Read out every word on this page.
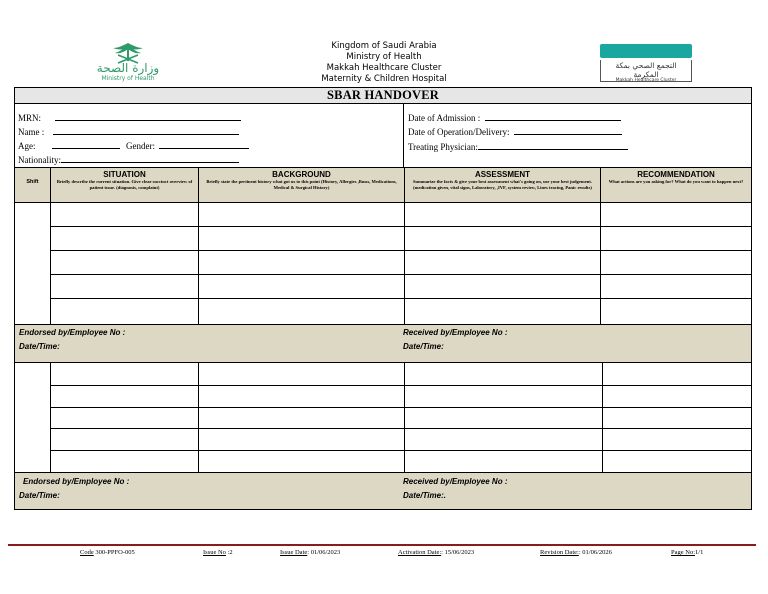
وزارة الصحة
Ministry of Health
Kingdom of Saudi Arabia
Ministry of Health
Makkah Healthcare Cluster
Maternity & Children Hospital
التجمع الصحي بمكة المكرمة
Makkah Healthcare Cluster
SBAR HANDOVER
MRN:
Name :
Age:	Gender:
Nationality:
Date of Admission :
Date of Operation/Delivery:
Treating Physician:
Shift
SITUATION
Briefly describe the current situation. Give clear succinct overview of patient issue. (diagnosis, complaint)
BACKGROUND
Briefly state the pertinent history what got us to this point (History, Allergies ,Bmss, Medications, Medical & Surgical History)
ASSESSMENT
Summarize the facts & give your best assessment what's going on, use your best judgement. (medication given, vital signs, Laboratory, ,IVF, system review, Lines tracing, Panic results)
RECOMMENDATION
What actions are you asking for? What do you want to happen next?
Endorsed by/Employee No :	Received by/Employee No :
Date/Time:	Date/Time:
Endorsed by/Employee No :	Received by/Employee No :
Date/Time:	Date/Time:.
Code 300-PPFO-005	Issue No :2	Issue Date: 01/06/2023	Activation Date:: 15/06/2023	Revision Date:: 01/06/2026	Page No:1/1
